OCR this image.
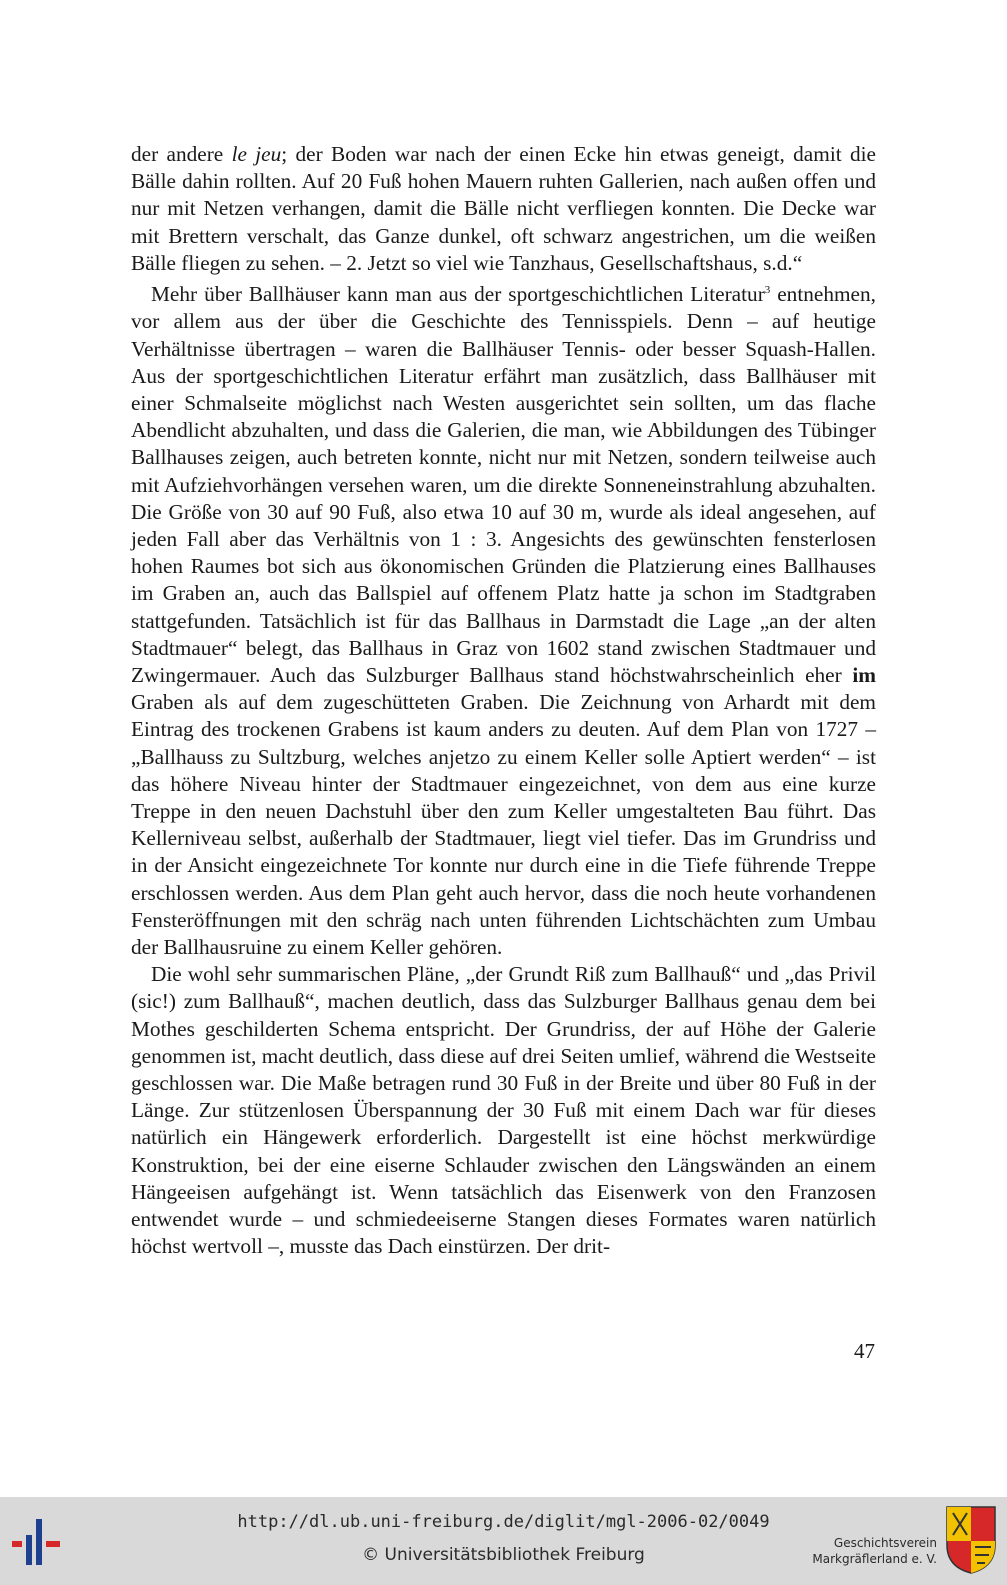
der andere le jeu; der Boden war nach der einen Ecke hin etwas geneigt, damit die Bälle dahin rollten. Auf 20 Fuß hohen Mauern ruhten Gallerien, nach außen offen und nur mit Netzen verhangen, damit die Bälle nicht verfliegen konnten. Die Decke war mit Brettern verschalt, das Ganze dunkel, oft schwarz angestrichen, um die weißen Bälle fliegen zu sehen. – 2. Jetzt so viel wie Tanzhaus, Gesellschaftshaus, s.d.“

Mehr über Ballhäuser kann man aus der sportgeschichtlichen Literatur$^3$ entnehmen, vor allem aus der über die Geschichte des Tennisspiels. Denn – auf heutige Verhältnisse übertragen – waren die Ballhäuser Tennis- oder besser Squash-Hallen. Aus der sportgeschichtlichen Literatur erfährt man zusätzlich, dass Ballhäuser mit einer Schmalseite möglichst nach Westen ausgerichtet sein sollten, um das flache Abendlicht abzuhalten, und dass die Galerien, die man, wie Abbildungen des Tübinger Ballhauses zeigen, auch betreten konnte, nicht nur mit Netzen, sondern teilweise auch mit Aufziehvorhängen versehen waren, um die direkte Sonneneinstrahlung abzuhalten. Die Größe von 30 auf 90 Fuß, also etwa 10 auf 30 m, wurde als ideal angesehen, auf jeden Fall aber das Verhältnis von 1 : 3. Angesichts des gewünschten fensterlosen hohen Raumes bot sich aus ökonomischen Gründen die Platzierung eines Ballhauses im Graben an, auch das Ballspiel auf offenem Platz hatte ja schon im Stadtgraben stattgefunden. Tatsächlich ist für das Ballhaus in Darmstadt die Lage „an der alten Stadtmauer“ belegt, das Ballhaus in Graz von 1602 stand zwischen Stadtmauer und Zwingermauer. Auch das Sulzburger Ballhaus stand höchstwahrscheinlich eher im Graben als auf dem zugeschütteten Graben. Die Zeichnung von Arhardt mit dem Eintrag des trockenen Grabens ist kaum anders zu deuten. Auf dem Plan von 1727 – „Ballhauss zu Sultzburg, welches anjetzo zu einem Keller solle Aptiert werden“ – ist das höhere Niveau hinter der Stadtmauer eingezeichnet, von dem aus eine kurze Treppe in den neuen Dachstuhl über den zum Keller umgestalteten Bau führt. Das Kellerniveau selbst, außerhalb der Stadtmauer, liegt viel tiefer. Das im Grundriss und in der Ansicht eingezeichnete Tor konnte nur durch eine in die Tiefe führende Treppe erschlossen werden. Aus dem Plan geht auch hervor, dass die noch heute vorhandenen Fensteröffnungen mit den schräg nach unten führenden Lichtschächten zum Umbau der Ballhausruine zu einem Keller gehören.

Die wohl sehr summarischen Pläne, „der Grundt Riß zum Ballhauß“ und „das Privil (sic!) zum Ballhauß“, machen deutlich, dass das Sulzburger Ballhaus genau dem bei Mothes geschilderten Schema entspricht. Der Grundriss, der auf Höhe der Galerie genommen ist, macht deutlich, dass diese auf drei Seiten umlief, während die Westseite geschlossen war. Die Maße betragen rund 30 Fuß in der Breite und über 80 Fuß in der Länge. Zur stützenlosen Überspannung der 30 Fuß mit einem Dach war für dieses natürlich ein Hängewerk erforderlich. Dargestellt ist eine höchst merkwürdige Konstruktion, bei der eine eiserne Schlauder zwischen den Längswänden an einem Hängeeisen aufgehängt ist. Wenn tatsächlich das Eisenwerk von den Franzosen entwendet wurde – und schmiedeeiserne Stangen dieses Formates waren natürlich höchst wertvoll –, musste das Dach einstürzen. Der drit-

47
http://dl.ub.uni-freiburg.de/diglit/mgl-2006-02/0049
© Universitätsbibliothek Freiburg
Geschichtsverein
Markgräflerland e. V.
